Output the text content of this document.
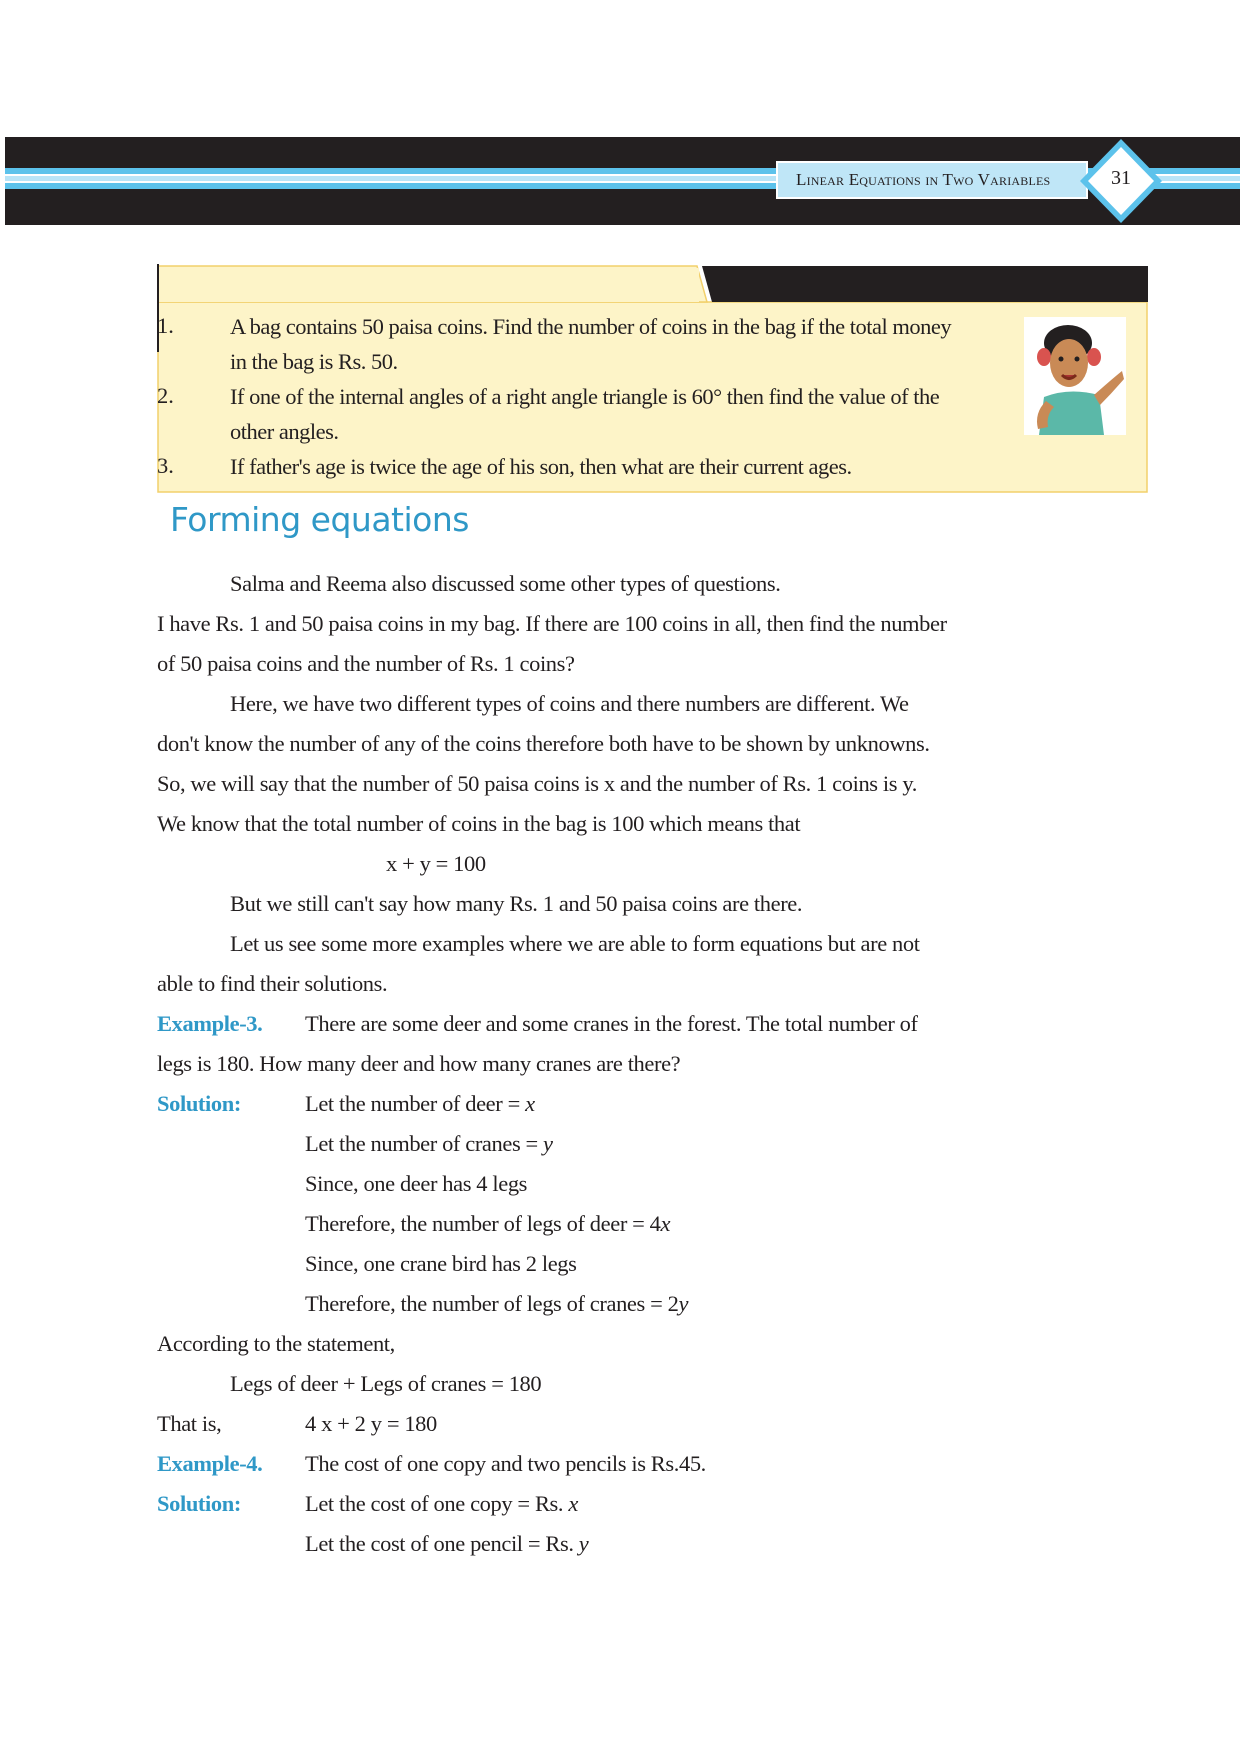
Linear Equations in Two Variables	31
1. A bag contains 50 paisa coins. Find the number of coins in the bag if the total money
in the bag is Rs. 50.
2. If one of the internal angles of a right angle triangle is 60° then find the value of the
other angles.
3. If father's age is twice the age of his son, then what are their current ages.
Forming equations
Salma and Reema also discussed some other types of questions.
I have Rs. 1 and 50 paisa coins in my bag. If there are 100 coins in all, then find the number
of 50 paisa coins and the number of Rs. 1 coins?
Here, we have two different types of coins and there numbers are different. We
don't know the number of any of the coins therefore both have to be shown by unknowns.
So, we will say that the number of 50 paisa coins is x and the number of Rs. 1 coins is y.
We know that the total number of coins in the bag is 100 which means that
x + y = 100
But we still can't say how many Rs. 1 and 50 paisa coins are there.
Let us see some more examples where we are able to form equations but are not
able to find their solutions.
Example-3. There are some deer and some cranes in the forest. The total number of
legs is 180. How many deer and how many cranes are there?
Solution:	Let the number of deer = x
Let the number of cranes = y
Since, one deer has 4 legs
Therefore, the number of legs of deer = 4x
Since, one crane bird has 2 legs
Therefore, the number of legs of cranes = 2y
According to the statement,
Legs of deer + Legs of cranes = 180
That is,	4 x + 2 y = 180
Example-4. The cost of one copy and two pencils is Rs.45.
Solution:	Let the cost of one copy = Rs. x
Let the cost of one pencil = Rs. y
